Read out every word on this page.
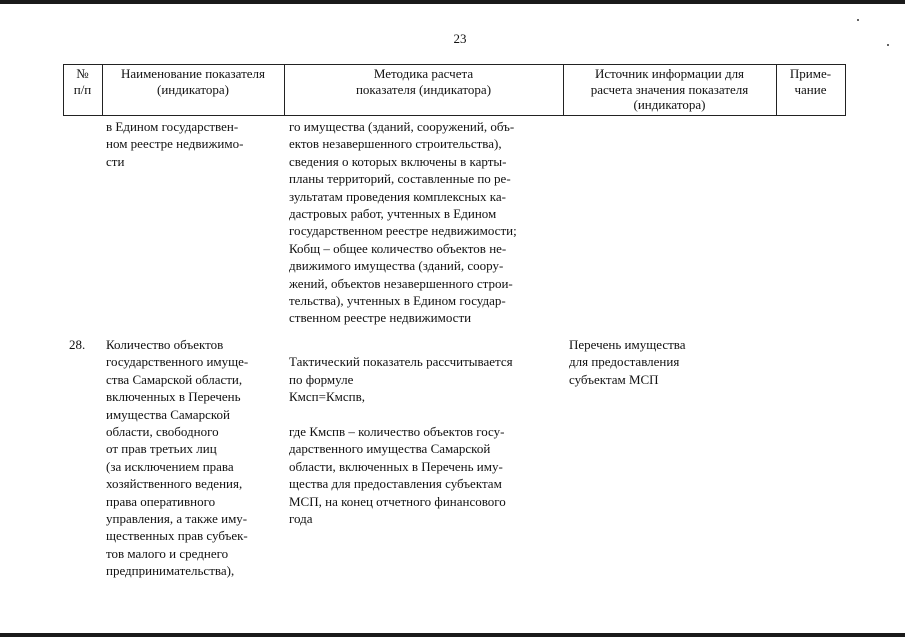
23
№
п/п
Наименование показателя
(индикатора)
Методика расчета
показателя (индикатора)
Источник информации для
расчета значения показателя
(индикатора)
Приме-
чание
в Едином государствен-
ном реестре недвижимо-
сти
го имущества (зданий, сооружений, объ-
ектов незавершенного строительства),
сведения о которых включены в карты-
планы территорий, составленные по ре-
зультатам проведения комплексных ка-
дастровых работ, учтенных в Едином
государственном реестре недвижимости;
Кобщ – общее количество объектов не-
движимого имущества (зданий, соору-
жений, объектов незавершенного строи-
тельства), учтенных в Едином государ-
ственном реестре недвижимости
28.	Количество объектов
государственного имуще-
ства Самарской области,
включенных в Перечень
имущества Самарской
области, свободного
от прав третьих лиц
(за исключением права
хозяйственного ведения,
права оперативного
управления, а также иму-
щественных прав субъек-
тов малого и среднего
предпринимательства),

Тактический показатель рассчитывается
по формуле

Кмсп=Кмспв,

где Кмспв – количество объектов госу-
дарственного имущества Самарской
области, включенных в Перечень иму-
щества для предоставления субъектам
МСП, на конец отчетного финансового
года

Перечень имущества
для предоставления
субъектам МСП
